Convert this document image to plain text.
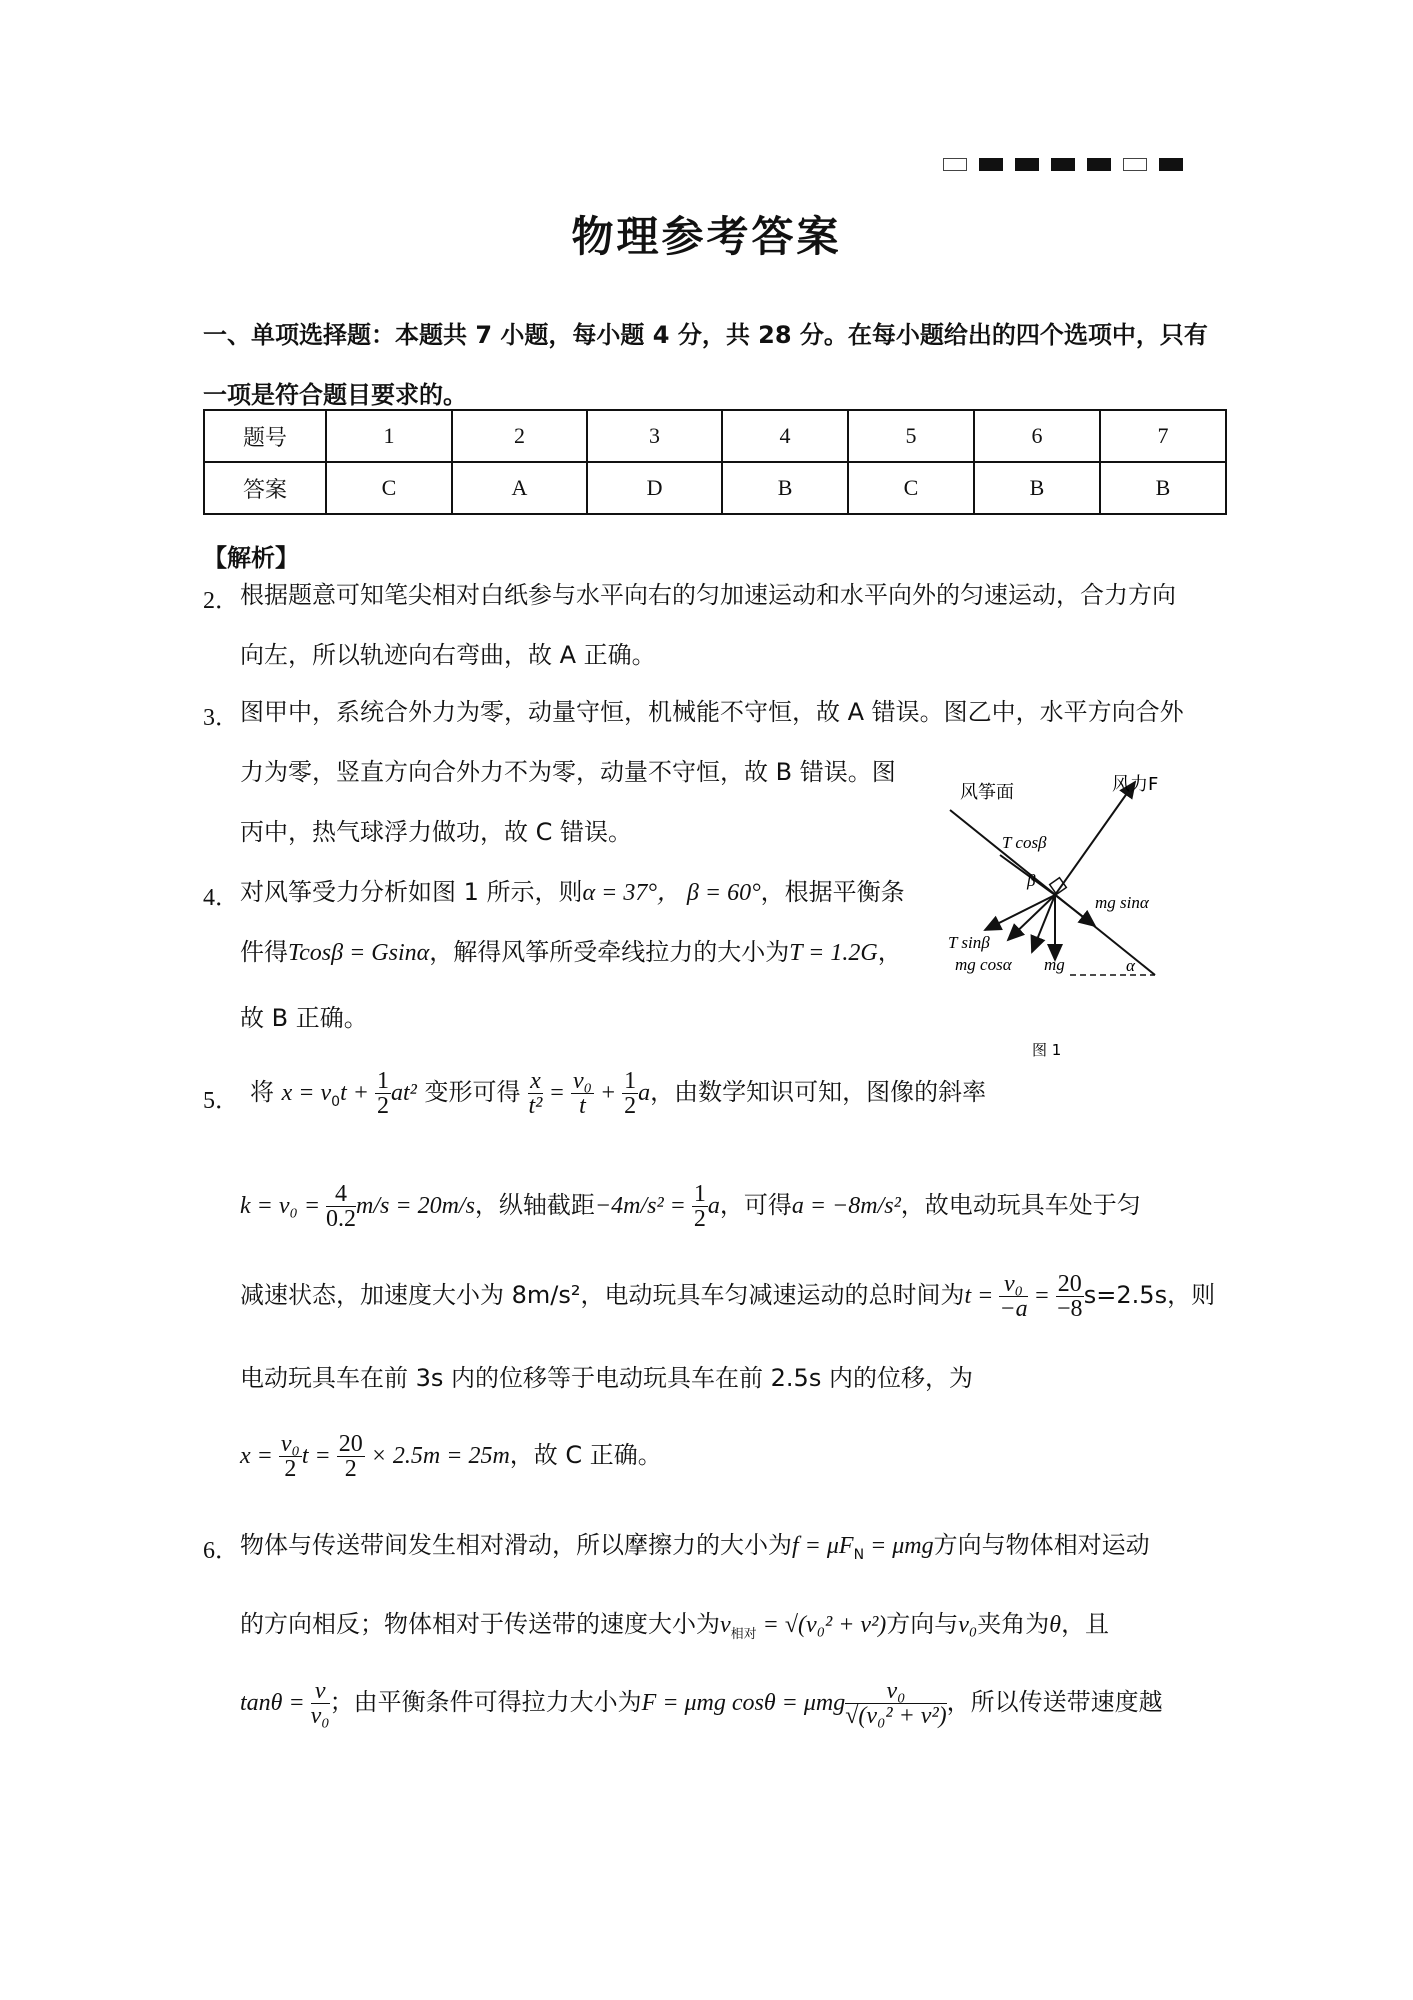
物理参考答案
一、单项选择题：本题共 7 小题，每小题 4 分，共 28 分。在每小题给出的四个选项中，只有一项是符合题目要求的。
题号	1	2	3	4	5	6	7
答案	C	A	D	B	C	B	B
【解析】
2． 根据题意可知笔尖相对白纸参与水平向右的匀加速运动和水平向外的匀速运动，合力方向
向左，所以轨迹向右弯曲，故 A 正确。
3． 图甲中，系统合外力为零，动量守恒，机械能不守恒，故 A 错误。图乙中，水平方向合外
力为零，竖直方向合外力不为零，动量不守恒，故 B 错误。图
丙中，热气球浮力做功，故 C 错误。
4． 对风筝受力分析如图 1 所示，则α = 37°， β = 60°，根据平衡条
件得Tcosβ = Gsinα，解得风筝所受牵线拉力的大小为T = 1.2G，
故 B 正确。
风筝面	风力F
T cosβ
β
mg sinα
T sinβ
mg cosα mg	α
图 1
5． 将 $x = v_0t + \frac{1}{2} at^2$ 变形可得 $\frac{x}{\text{t²}} = \frac{\text{v₀}}{t} + \frac{1}{2}$ a，由数学知识可知，图像的斜率
$k = v_0 = \frac{4}{0.2} m/s = 20m/s$，纵轴截距$-4m/s^2 = \frac{1}{2}$ a，可得a = −8m/s²，故电动玩具车处于匀
减速状态，加速度大小为 8m/s²，电动玩具车匀减速运动的总时间为$t = \frac{\text{v₀}}{-a} = \frac{20}{-8} s=2.5s$，则
电动玩具车在前 3s 内的位移等于电动玩具车在前 2.5s 内的位移，为
$x = \frac{\text{v₀}}{2}$ $t = \frac{20}{2} \times 2.5m = 25m$，故 C 正确。
6． 物体与传送带间发生相对滑动，所以摩擦力的大小为$f = \mu F_N = \mu mg$方向与物体相对运动
的方向相反；物体相对于传送带的速度大小为$v_{相对} = √(v_0^2 + v^2)$方向与v₀夹角为θ，且
$\tan\theta = \frac{v}{\text{v₀}}$ ；由平衡条件可得拉力大小为F = μmg cosθ = μmg $\frac{\text{v₀}}{\text{√(v₀² + v²)}}$ ，所以传送带速度越
